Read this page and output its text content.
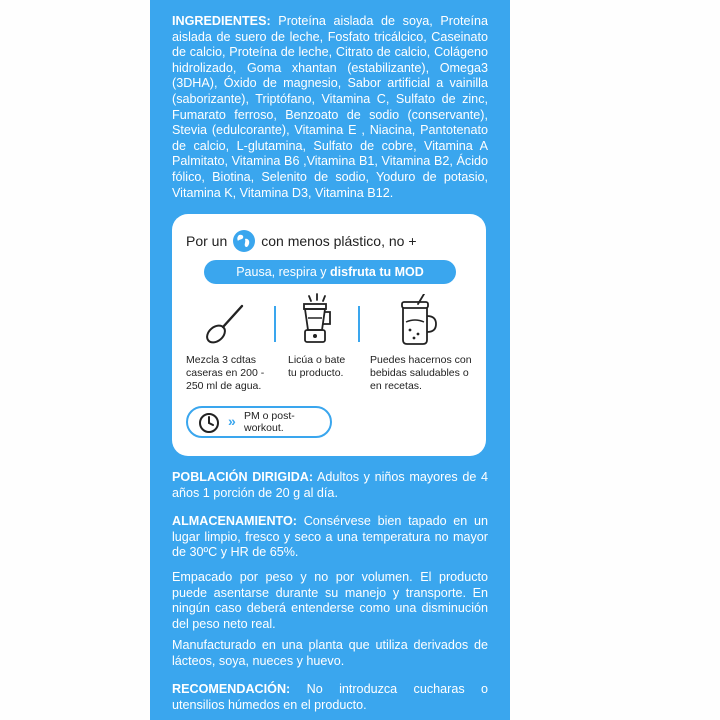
INGREDIENTES: Proteína aislada de soya, Proteína aislada de suero de leche, Fosfato tricálcico, Caseinato de calcio, Proteína de leche, Citrato de calcio, Colágeno hidrolizado, Goma xhantan (estabilizante), Omega3 (3DHA), Óxido de magnesio, Sabor artificial a vainilla (saborizante), Triptófano, Vitamina C, Sulfato de zinc, Fumarato ferroso, Benzoato de sodio (conservante), Stevia (edulcorante), Vitamina E , Niacina, Pantotenato de calcio, L-glutamina, Sulfato de cobre, Vitamina A Palmitato, Vitamina B6 ,Vitamina B1, Vitamina B2, Ácido fólico, Biotina, Selenito de sodio, Yoduro de potasio, Vitamina K, Vitamina D3, Vitamina B12.
Por un con menos plástico, no +
Pausa, respira y disfruta tu MOD
Mezcla 3 cdtas caseras en 200 - 250 ml de agua.
Licúa o bate tu producto.
Puedes hacernos con bebidas saludables o en recetas.
» PM o post-workout.
POBLACIÓN DIRIGIDA: Adultos y niños mayores de 4 años 1 porción de 20 g al día.
ALMACENAMIENTO: Consérvese bien tapado en un lugar limpio, fresco y seco a una temperatura no mayor de 30ºC y HR de 65%.
Empacado por peso y no por volumen. El producto puede asentarse durante su manejo y transporte. En ningún caso deberá entenderse como una disminución del peso neto real.
Manufacturado en una planta que utiliza derivados de lácteos, soya, nueces y huevo.
RECOMENDACIÓN: No introduzca cucharas o utensilios húmedos en el producto.
